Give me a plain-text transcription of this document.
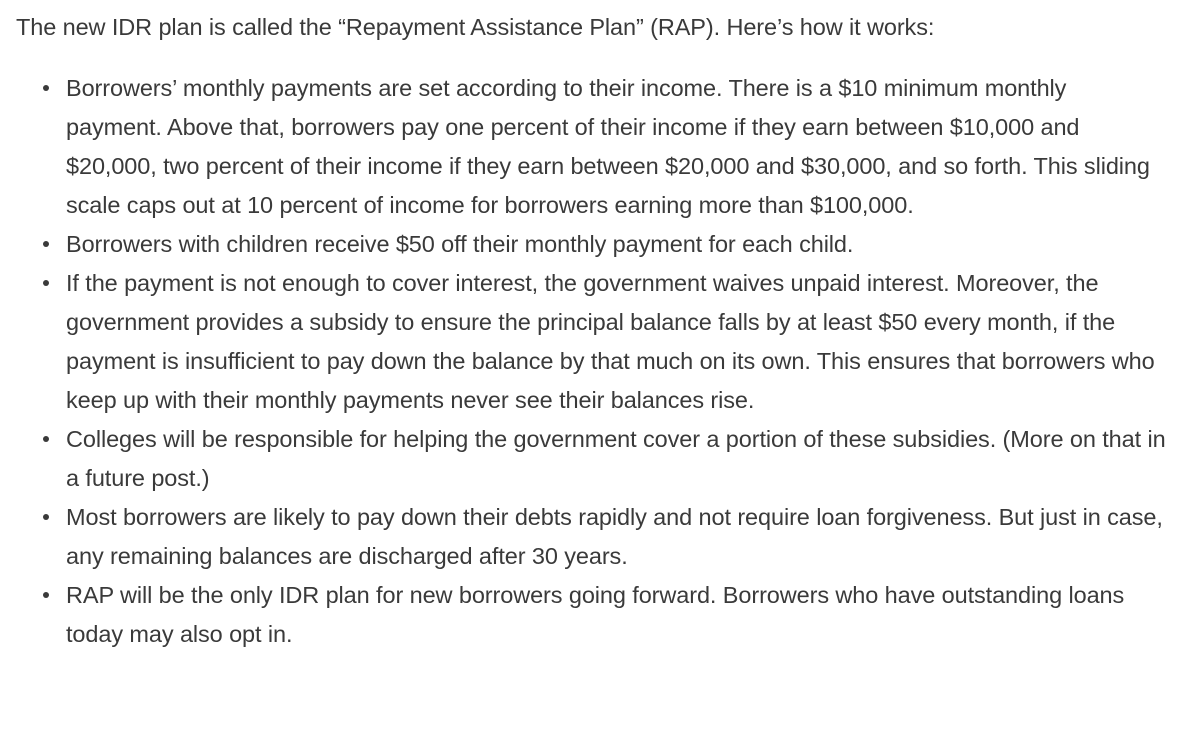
The new IDR plan is called the “Repayment Assistance Plan” (RAP). Here’s how it works:

Borrowers’ monthly payments are set according to their income. There is a $10 minimum monthly payment. Above that, borrowers pay one percent of their income if they earn between $10,000 and $20,000, two percent of their income if they earn between $20,000 and $30,000, and so forth. This sliding scale caps out at 10 percent of income for borrowers earning more than $100,000.
Borrowers with children receive $50 off their monthly payment for each child.
If the payment is not enough to cover interest, the government waives unpaid interest. Moreover, the government provides a subsidy to ensure the principal balance falls by at least $50 every month, if the payment is insufficient to pay down the balance by that much on its own. This ensures that borrowers who keep up with their monthly payments never see their balances rise.
Colleges will be responsible for helping the government cover a portion of these subsidies. (More on that in a future post.)
Most borrowers are likely to pay down their debts rapidly and not require loan forgiveness. But just in case, any remaining balances are discharged after 30 years.
RAP will be the only IDR plan for new borrowers going forward. Borrowers who have outstanding loans today may also opt in.
